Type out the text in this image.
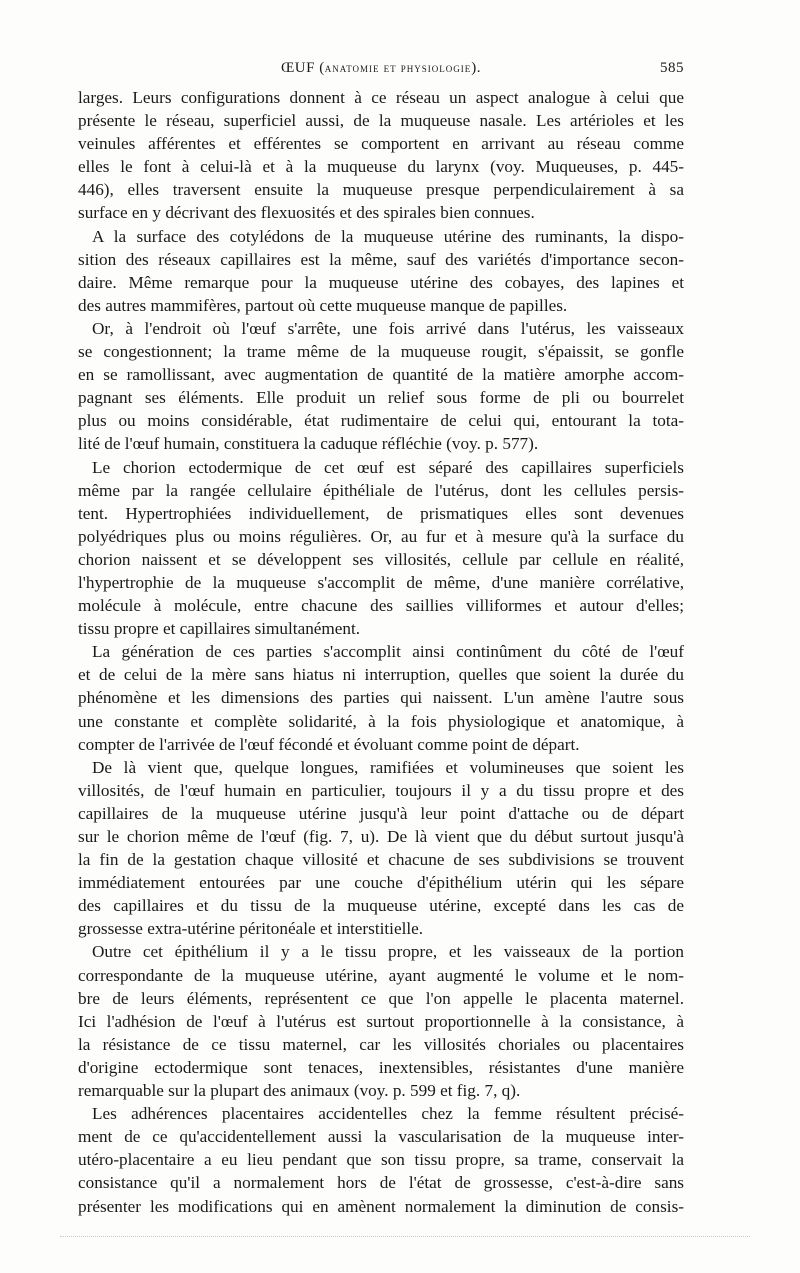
ŒUF (anatomie et physiologie).	585
larges. Leurs configurations donnent à ce réseau un aspect analogue à celui que
présente le réseau, superficiel aussi, de la muqueuse nasale. Les artérioles et les
veinules afférentes et efférentes se comportent en arrivant au réseau comme
elles le font à celui-là et à la muqueuse du larynx (voy. Muqueuses, p. 445-
446), elles traversent ensuite la muqueuse presque perpendiculairement à sa
surface en y décrivant des flexuosités et des spirales bien connues.
A la surface des cotylédons de la muqueuse utérine des ruminants, la dispo-
sition des réseaux capillaires est la même, sauf des variétés d'importance secon-
daire. Même remarque pour la muqueuse utérine des cobayes, des lapines et
des autres mammifères, partout où cette muqueuse manque de papilles.
Or, à l'endroit où l'œuf s'arrête, une fois arrivé dans l'utérus, les vaisseaux
se congestionnent; la trame même de la muqueuse rougit, s'épaissit, se gonfle
en se ramollissant, avec augmentation de quantité de la matière amorphe accom-
pagnant ses éléments. Elle produit un relief sous forme de pli ou bourrelet
plus ou moins considérable, état rudimentaire de celui qui, entourant la tota-
lité de l'œuf humain, constituera la caduque réfléchie (voy. p. 577).
Le chorion ectodermique de cet œuf est séparé des capillaires superficiels
même par la rangée cellulaire épithéliale de l'utérus, dont les cellules persis-
tent. Hypertrophiées individuellement, de prismatiques elles sont devenues
polyédriques plus ou moins régulières. Or, au fur et à mesure qu'à la surface du
chorion naissent et se développent ses villosités, cellule par cellule en réalité,
l'hypertrophie de la muqueuse s'accomplit de même, d'une manière corrélative,
molécule à molécule, entre chacune des saillies villiformes et autour d'elles;
tissu propre et capillaires simultanément.
La génération de ces parties s'accomplit ainsi continûment du côté de l'œuf
et de celui de la mère sans hiatus ni interruption, quelles que soient la durée du
phénomène et les dimensions des parties qui naissent. L'un amène l'autre sous
une constante et complète solidarité, à la fois physiologique et anatomique, à
compter de l'arrivée de l'œuf fécondé et évoluant comme point de départ.
De là vient que, quelque longues, ramifiées et volumineuses que soient les
villosités, de l'œuf humain en particulier, toujours il y a du tissu propre et des
capillaires de la muqueuse utérine jusqu'à leur point d'attache ou de départ
sur le chorion même de l'œuf (fig. 7, u). De là vient que du début surtout jusqu'à
la fin de la gestation chaque villosité et chacune de ses subdivisions se trouvent
immédiatement entourées par une couche d'épithélium utérin qui les sépare
des capillaires et du tissu de la muqueuse utérine, excepté dans les cas de
grossesse extra-utérine péritonéale et interstitielle.
Outre cet épithélium il y a le tissu propre, et les vaisseaux de la portion
correspondante de la muqueuse utérine, ayant augmenté le volume et le nom-
bre de leurs éléments, représentent ce que l'on appelle le placenta maternel.
Ici l'adhésion de l'œuf à l'utérus est surtout proportionnelle à la consistance, à
la résistance de ce tissu maternel, car les villosités choriales ou placentaires
d'origine ectodermique sont tenaces, inextensibles, résistantes d'une manière
remarquable sur la plupart des animaux (voy. p. 599 et fig. 7, q).
Les adhérences placentaires accidentelles chez la femme résultent précisé-
ment de ce qu'accidentellement aussi la vascularisation de la muqueuse inter-
utéro-placentaire a eu lieu pendant que son tissu propre, sa trame, conservait la
consistance qu'il a normalement hors de l'état de grossesse, c'est-à-dire sans
présenter les modifications qui en amènent normalement la diminution de consis-
